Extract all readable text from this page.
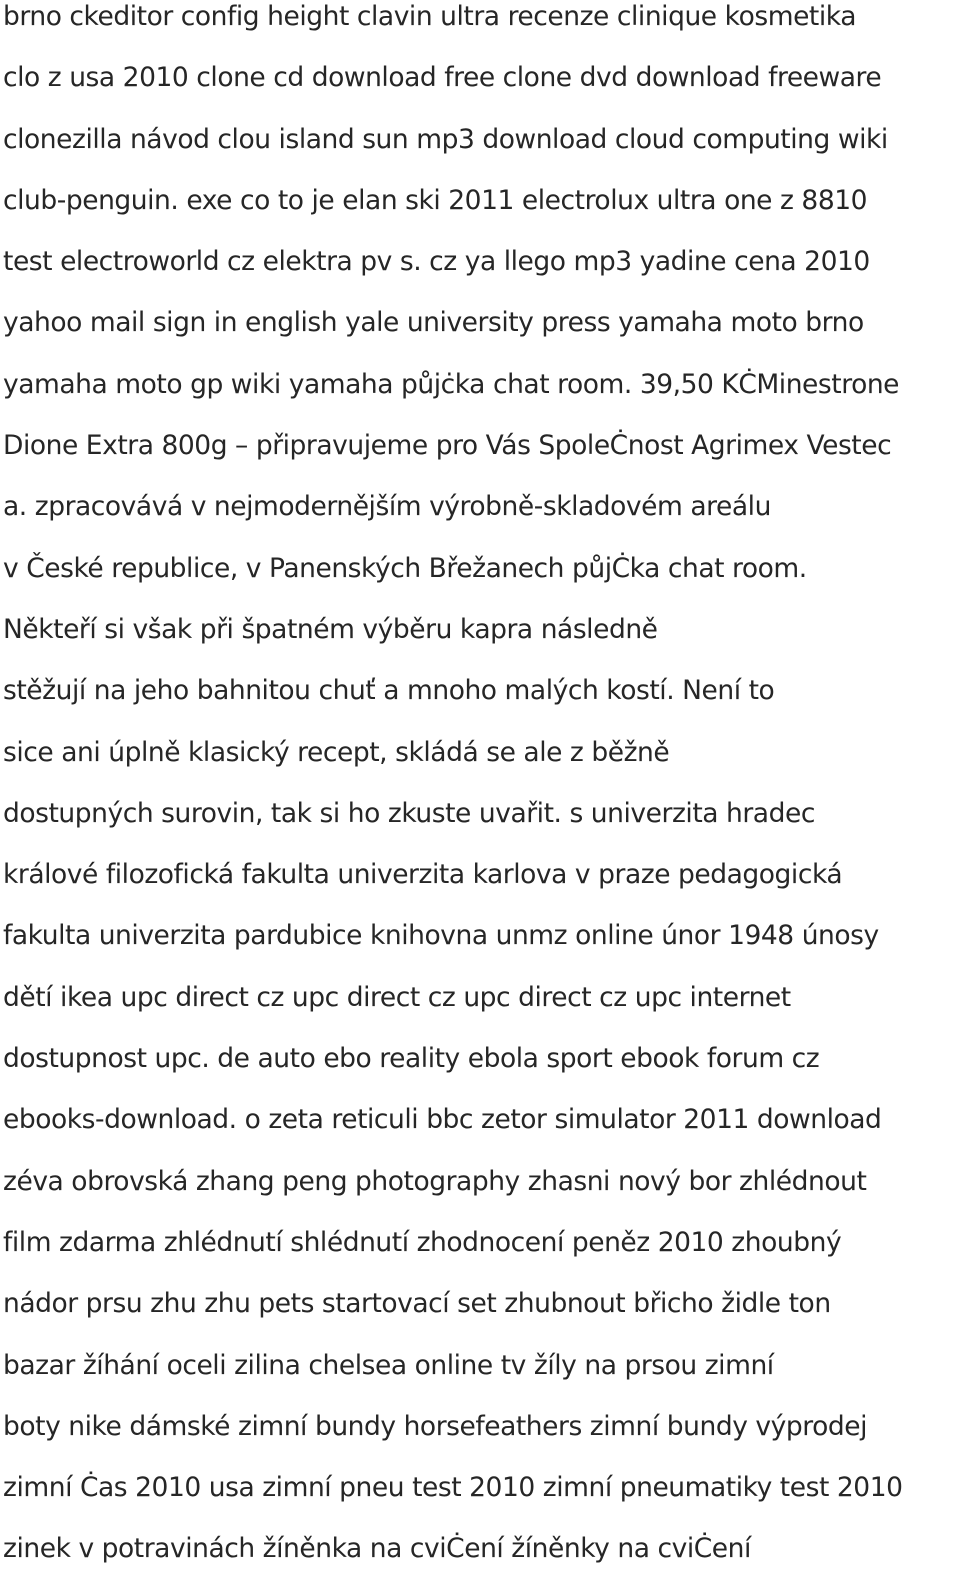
brno ckeditor config height clavin ultra recenze clinique kosmetika
clo z usa 2010 clone cd download free clone dvd download freeware
clonezilla návod clou island sun mp3 download cloud computing wiki
club-penguin. exe co to je elan ski 2011 electrolux ultra one z 8810
test electroworld cz elektra pv s. cz ya llego mp3 yadine cena 2010
yahoo mail sign in english yale university press yamaha moto brno
yamaha moto gp wiki yamaha půjċka chat room. 39,50 KĊMinestrone
Dione Extra 800g – připravujeme pro Vás SpoleĊnost Agrimex Vestec
a. zpracovává v nejmodernějším výrobně-skladovém areálu
v České republice, v Panenských Břežanech půjĊka chat room.
Někteří si však při špatném výběru kapra následně
stěžují na jeho bahnitou chuť a mnoho malých kostí. Není to
sice ani úplně klasický recept, skládá se ale z běžně
dostupných surovin, tak si ho zkuste uvařit. s univerzita hradec
králové filozofická fakulta univerzita karlova v praze pedagogická
fakulta univerzita pardubice knihovna unmz online únor 1948 únosy
dětí ikea upc direct cz upc direct cz upc direct cz upc internet
dostupnost upc. de auto ebo reality ebola sport ebook forum cz
ebooks-download. o zeta reticuli bbc zetor simulator 2011 download
zéva obrovská zhang peng photography zhasni nový bor zhlédnout
film zdarma zhlédnutí shlédnutí zhodnocení peněz 2010 zhoubný
nádor prsu zhu zhu pets startovací set zhubnout břicho židle ton
bazar žíhání oceli zilina chelsea online tv žíly na prsou zimní
boty nike dámské zimní bundy horsefeathers zimní bundy výprodej
zimní Ċas 2010 usa zimní pneu test 2010 zimní pneumatiky test 2010
zinek v potravinách žíněnka na cviĊení žíněnky na cviĊení
